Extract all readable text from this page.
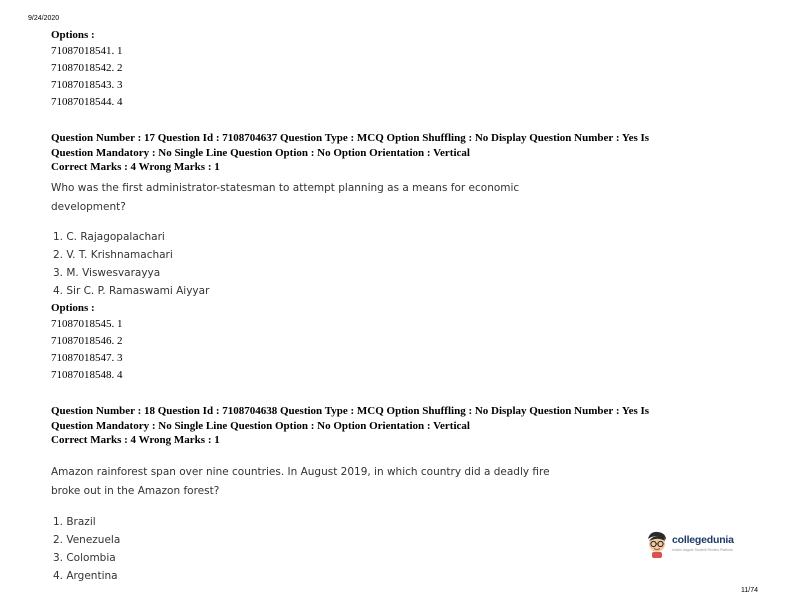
9/24/2020
Options :
71087018541. 1
71087018542. 2
71087018543. 3
71087018544. 4
Question Number : 17 Question Id : 7108704637 Question Type : MCQ Option Shuffling : No Display Question Number : Yes Is
Question Mandatory : No Single Line Question Option : No Option Orientation : Vertical
Correct Marks : 4 Wrong Marks : 1
Who was the first administrator-statesman to attempt planning as a means for economic
development?
1. C. Rajagopalachari
2. V. T. Krishnamachari
3. M. Viswesvarayya
4. Sir C. P. Ramaswami Aiyyar
Options :
71087018545. 1
71087018546. 2
71087018547. 3
71087018548. 4
Question Number : 18 Question Id : 7108704638 Question Type : MCQ Option Shuffling : No Display Question Number : Yes Is
Question Mandatory : No Single Line Question Option : No Option Orientation : Vertical
Correct Marks : 4 Wrong Marks : 1
Amazon rainforest span over nine countries. In August 2019, in which country did a deadly fire
broke out in the Amazon forest?
1. Brazil
2. Venezuela
3. Colombia
4. Argentina
collegedunia
India's largest Student Review Platform
11/74
